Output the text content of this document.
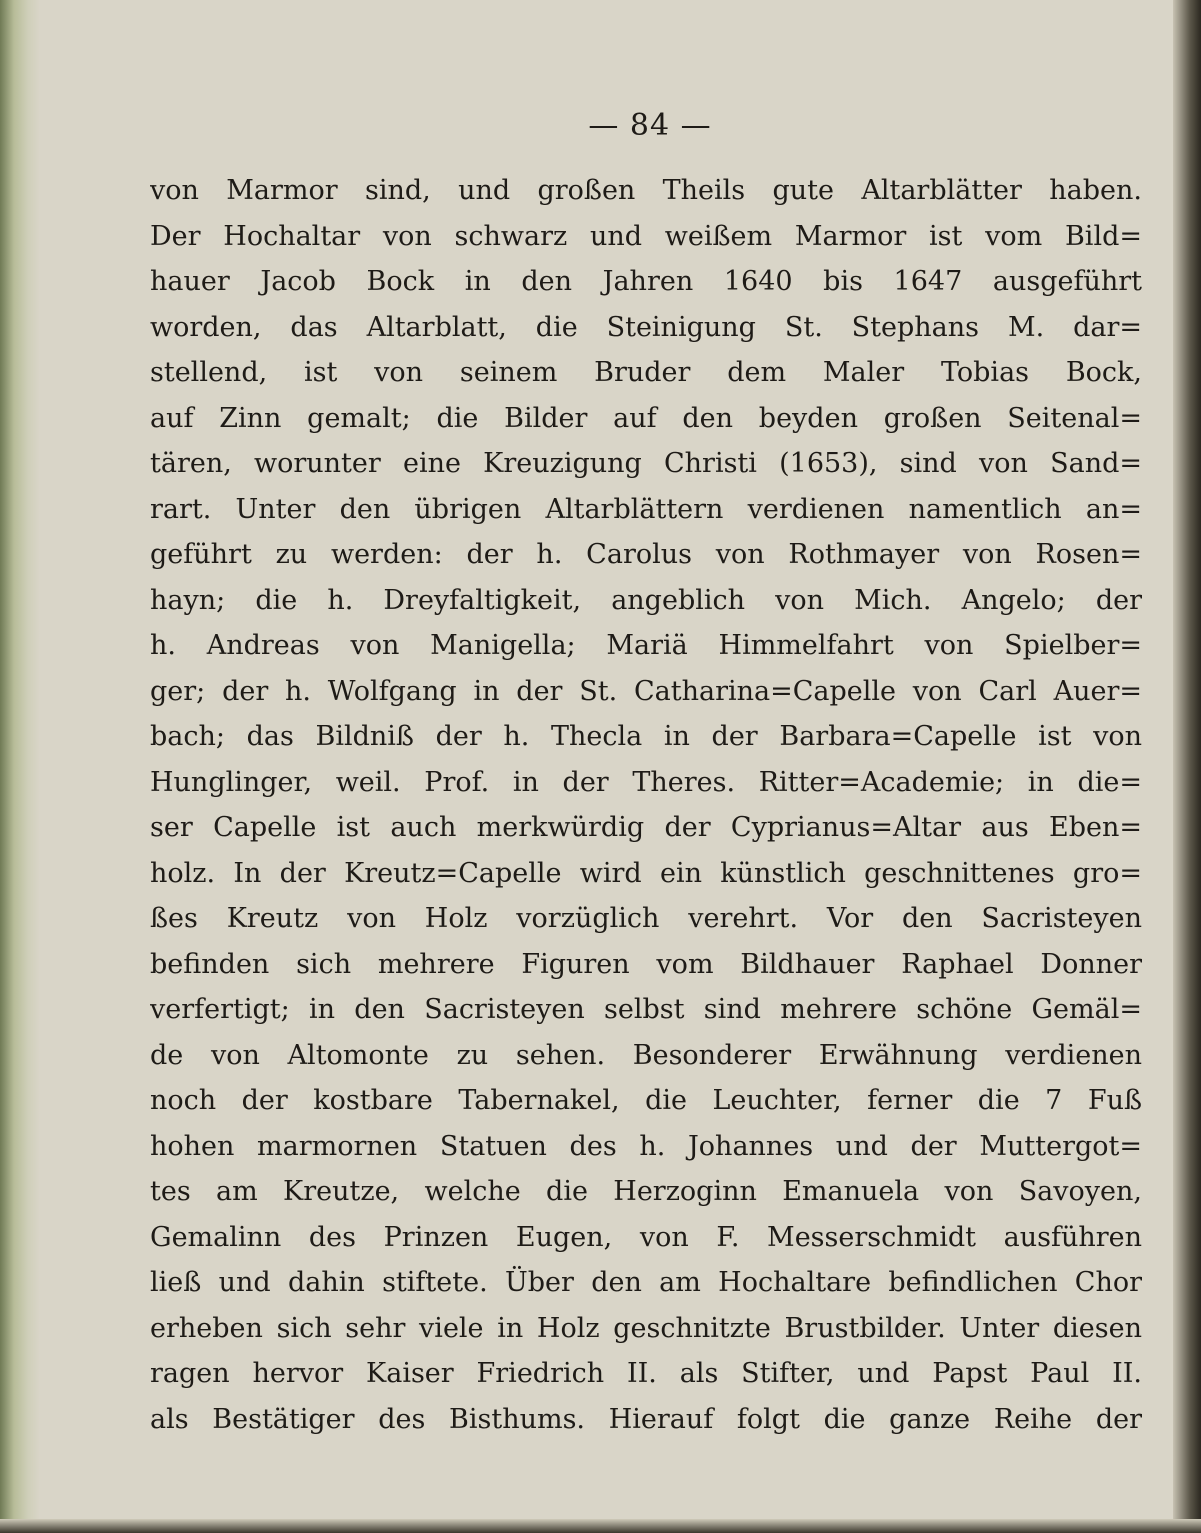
— 84 —
von Marmor sind, und großen Theils gute Altarblätter haben.
Der Hochaltar von schwarz und weißem Marmor ist vom Bild=
hauer Jacob Bock in den Jahren 1640 bis 1647 ausgeführt
worden, das Altarblatt, die Steinigung St. Stephans M. dar=
stellend, ist von seinem Bruder dem Maler Tobias Bock,
auf Zinn gemalt; die Bilder auf den beyden großen Seitenal=
tären, worunter eine Kreuzigung Christi (1653), sind von Sand=
rart. Unter den übrigen Altarblättern verdienen namentlich an=
geführt zu werden: der h. Carolus von Rothmayer von Rosen=
hayn; die h. Dreyfaltigkeit, angeblich von Mich. Angelo; der
h. Andreas von Manigella; Mariä Himmelfahrt von Spielber=
ger; der h. Wolfgang in der St. Catharina=Capelle von Carl Auer=
bach; das Bildniß der h. Thecla in der Barbara=Capelle ist von
Hunglinger, weil. Prof. in der Theres. Ritter=Academie; in die=
ser Capelle ist auch merkwürdig der Cyprianus=Altar aus Eben=
holz. In der Kreutz=Capelle wird ein künstlich geschnittenes gro=
ßes Kreutz von Holz vorzüglich verehrt. Vor den Sacristeyen
befinden sich mehrere Figuren vom Bildhauer Raphael Donner
verfertigt; in den Sacristeyen selbst sind mehrere schöne Gemäl=
de von Altomonte zu sehen. Besonderer Erwähnung verdienen
noch der kostbare Tabernakel, die Leuchter, ferner die 7 Fuß
hohen marmornen Statuen des h. Johannes und der Muttergot=
tes am Kreutze, welche die Herzoginn Emanuela von Savoyen,
Gemalinn des Prinzen Eugen, von F. Messerschmidt ausführen
ließ und dahin stiftete. Über den am Hochaltare befindlichen Chor
erheben sich sehr viele in Holz geschnitzte Brustbilder. Unter diesen
ragen hervor Kaiser Friedrich II. als Stifter, und Papst Paul II.
als Bestätiger des Bisthums. Hierauf folgt die ganze Reihe der
